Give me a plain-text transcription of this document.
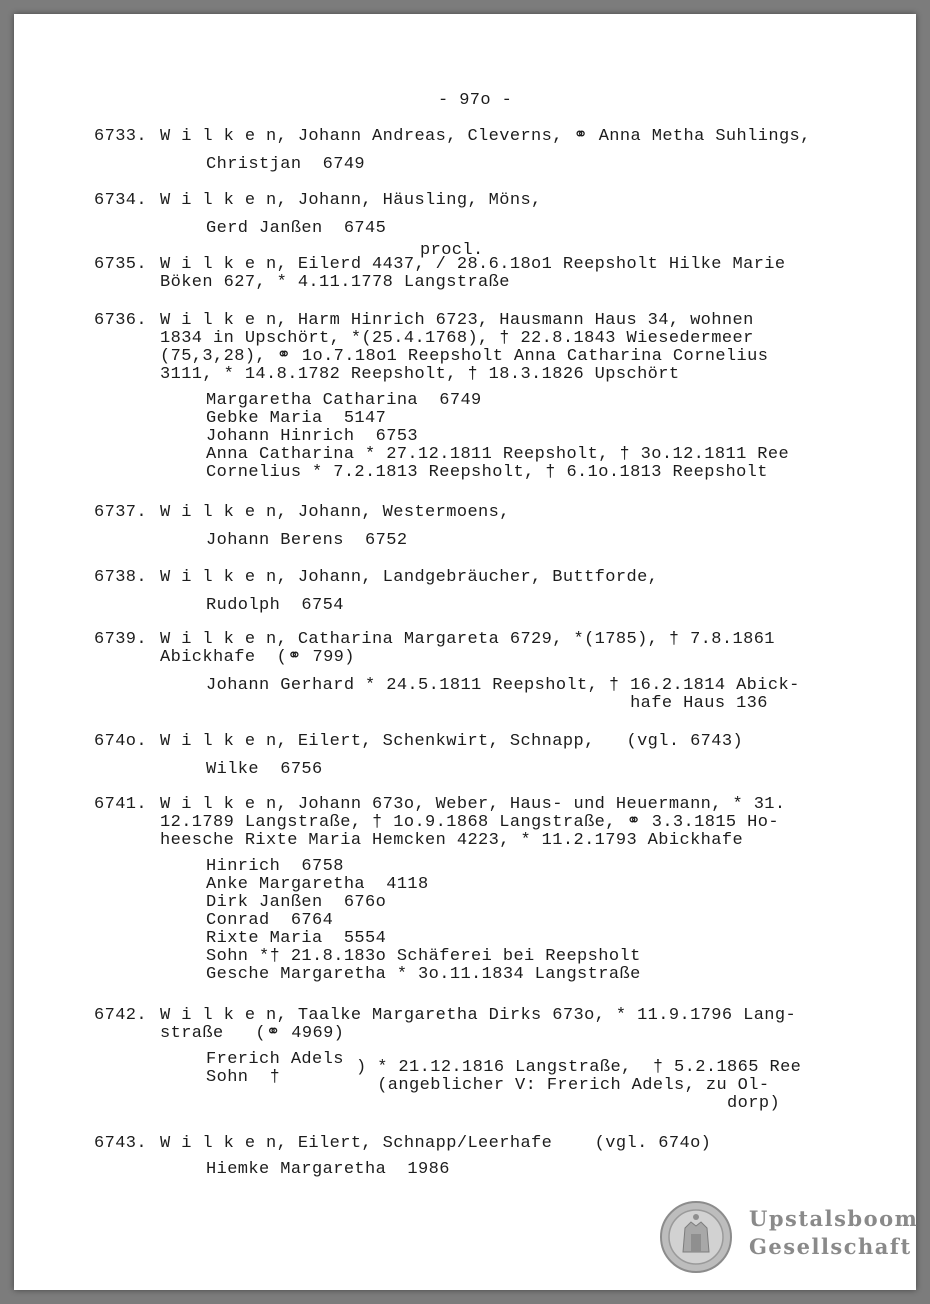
- 97o -
6733. W i l k e n, Johann Andreas, Cleverns, ⚭ Anna Metha Suhlings,
Christjan  6749
6734. W i l k e n, Johann, Häusling, Möns,
Gerd Janßen  6745
procl.
6735. W i l k e n, Eilerd 4437, / 28.6.18o1 Reepsholt Hilke Marie
Böken 627, * 4.11.1778 Langstraße
6736. W i l k e n, Harm Hinrich 6723, Hausmann Haus 34, wohnen
1834 in Upschört, *(25.4.1768), † 22.8.1843 Wiesedermeer
(75,3,28), ⚭ 1o.7.18o1 Reepsholt Anna Catharina Cornelius
3111, * 14.8.1782 Reepsholt, † 18.3.1826 Upschört
Margaretha Catharina  6749
Gebke Maria  5147
Johann Hinrich  6753
Anna Catharina * 27.12.1811 Reepsholt, † 3o.12.1811 Ree
Cornelius * 7.2.1813 Reepsholt, † 6.1o.1813 Reepsholt
6737. W i l k e n, Johann, Westermoens,
Johann Berens  6752
6738. W i l k e n, Johann, Landgebräucher, Buttforde,
Rudolph  6754
6739. W i l k e n, Catharina Margareta 6729, *(1785), † 7.8.1861
Abickhafe  (⚭ 799)
Johann Gerhard * 24.5.1811 Reepsholt, † 16.2.1814 Abick-
hafe Haus 136
674o. W i l k e n, Eilert, Schenkwirt, Schnapp,   (vgl. 6743)
Wilke  6756
6741. W i l k e n, Johann 673o, Weber, Haus- und Heuermann, * 31.
12.1789 Langstraße, † 1o.9.1868 Langstraße, ⚭ 3.3.1815 Ho-
heesche Rixte Maria Hemcken 4223, * 11.2.1793 Abickhafe
Hinrich  6758
Anke Margaretha  4118
Dirk Janßen  676o
Conrad  6764
Rixte Maria  5554
Sohn *† 21.8.183o Schäferei bei Reepsholt
Gesche Margaretha * 3o.11.1834 Langstraße
6742. W i l k e n, Taalke Margaretha Dirks 673o, * 11.9.1796 Lang-
straße   (⚭ 4969)
Frerich Adels
Sohn  †
) * 21.12.1816 Langstraße,  † 5.2.1865 Ree
(angeblicher V: Frerich Adels, zu Ol-
dorp)
6743. W i l k e n, Eilert, Schnapp/Leerhafe    (vgl. 674o)
Hiemke Margaretha  1986
Upstalsboom
Gesellschaft
